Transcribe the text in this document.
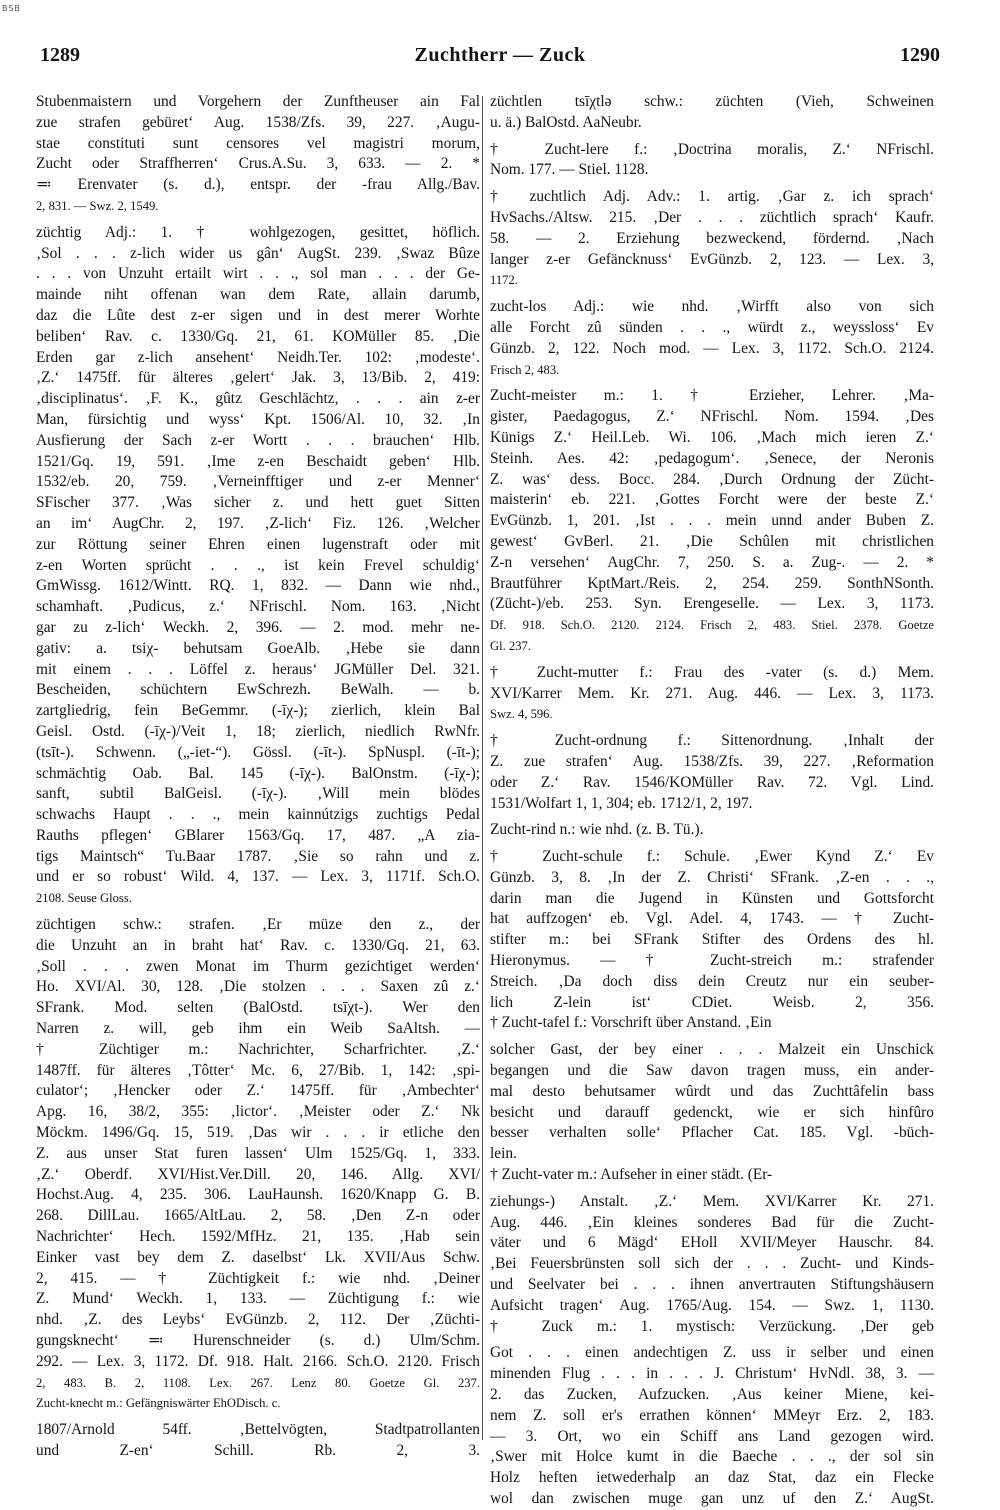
BSB
1289	Zuchtherr — Zuck	1290
Stubenmaistern und Vorgehern der Zunftheuser ain Fal
zue strafen gebüret‘ Aug. 1538/Zfs. 39, 227. ‚Augu-
stae constituti sunt censores vel magistri morum,
Zucht oder Straffherren‘ Crus.A.Su. 3, 633. — 2. *
≕ Erenvater (s. d.), entspr. der -frau Allg./Bav.
2, 831. — Swz. 2, 1549.
züchtig Adj.: 1. † wohlgezogen, gesittet, höflich.
‚Sol . . . z-lich wider us gân‘ AugSt. 239. ‚Swaz Bûze
. . . von Unzuht ertailt wirt . . ., sol man . . . der Ge-
mainde niht offenan wan dem Rate, allain darumb,
daz die Lûte dest z-er sigen und in dest merer Worhte
beliben‘ Rav. c. 1330/Gq. 21, 61. KOMüller 85. ‚Die
Erden gar z-lich ansehent‘ Neidh.Ter. 102: ‚modeste‘.
‚Z.‘ 1475ff. für älteres ‚gelert‘ Jak. 3, 13/Bib. 2, 419:
‚disciplinatus‘. ‚F. K., gûtz Geschlächtz, . . . ain z-er
Man, fürsichtig und wyss‘ Kpt. 1506/Al. 10, 32. ‚In
Ausfierung der Sach z-er Wortt . . . brauchen‘ Hlb.
1521/Gq. 19, 591. ‚Ime z-en Beschaidt geben‘ Hlb.
1532/eb. 20, 759. ‚Verneinfftiger und z-er Menner‘
SFischer 377. ‚Was sicher z. und hett guet Sitten
an im‘ AugChr. 2, 197. ‚Z-lich‘ Fiz. 126. ‚Welcher
zur Röttung seiner Ehren einen lugenstraft oder mit
z-en Worten sprücht . . ., ist kein Frevel schuldig‘
GmWissg. 1612/Wintt. RQ. 1, 832. — Dann wie nhd.,
schamhaft. ‚Pudicus, z.‘ NFrischl. Nom. 163. ‚Nicht
gar zu z-lich‘ Weckh. 2, 396. — 2. mod. mehr ne-
gativ: a. tsiχ- behutsam GoeAlb. ‚Hebe sie dann
mit einem . . . Löffel z. heraus‘ JGMüller Del. 321.
Bescheiden, schüchtern EwSchrezh. BeWalh. — b.
zartgliedrig, fein BeGemmr. (-īχ-); zierlich, klein Bal
Geisl. Ostd. (-īχ-)/Veit 1, 18; zierlich, niedlich RwNfr.
(tsīt-). Schwenn. („-iet-“). Gössl. (-īt-). SpNuspl. (-īt-);
schmächtig Oab. Bal. 145 (-īχ-). BalOnstm. (-īχ-);
sanft, subtil BalGeisl. (-īχ-). ‚Will mein blödes
schwachs Haupt . . ., mein kainnútzigs zuchtigs Pedal
Rauths pflegen‘ GBlarer 1563/Gq. 17, 487. „A zia-
tigs Maintsch“ Tu.Baar 1787. ‚Sie so rahn und z.
und er so robust‘ Wild. 4, 137. — Lex. 3, 1171f. Sch.O.
2108. Seuse Gloss.
züchtigen schw.: strafen. ‚Er müze den z., der
die Unzuht an in braht hat‘ Rav. c. 1330/Gq. 21, 63.
‚Soll . . . zwen Monat im Thurm gezichtiget werden‘
Ho. XVI/Al. 30, 128. ‚Die stolzen . . . Saxen zû z.‘
SFrank. Mod. selten (BalOstd. tsīχt-). Wer den
Narren z. will, geb ihm ein Weib SaAltsh. —
† Züchtiger m.: Nachrichter, Scharfrichter. ‚Z.‘
1487ff. für älteres ‚Tôtter‘ Mc. 6, 27/Bib. 1, 142: ‚spi-
culator‘; ‚Hencker oder Z.‘ 1475ff. für ‚Ambechter‘
Apg. 16, 38/2, 355: ‚lictor‘. ‚Meister oder Z.‘ Nk
Möckm. 1496/Gq. 15, 519. ‚Das wir . . . ir etliche den
Z. aus unser Stat furen lassen‘ Ulm 1525/Gq. 1, 333.
‚Z.‘ Oberdf. XVI/Hist.Ver.Dill. 20, 146. Allg. XVI/
Hochst.Aug. 4, 235. 306. LauHaunsh. 1620/Knapp G. B.
268. DillLau. 1665/AltLau. 2, 58. ‚Den Z-n oder
Nachrichter‘ Hech. 1592/MfHz. 21, 135. ‚Hab sein
Einker vast bey dem Z. daselbst‘ Lk. XVII/Aus Schw.
2, 415. — † Züchtigkeit f.: wie nhd. ‚Deiner
Z. Mund‘ Weckh. 1, 133. — Züchtigung f.: wie
nhd. ‚Z. des Leybs‘ EvGünzb. 2, 112. Der ‚Züchti-
gungsknecht‘ ≕ Hurenschneider (s. d.) Ulm/Schm.
292. — Lex. 3, 1172. Df. 918. Halt. 2166. Sch.O. 2120. Frisch
2, 483. B. 2, 1108. Lex. 267. Lenz 80. Goetze Gl. 237.
Zucht-knecht m.: Gefängniswärter EhODisch. c.
1807/Arnold 54ff. ‚Bettelvögten, Stadtpatrollanten
und Z-en‘ Schill. Rb. 2, 3.
züchtlen tsīχtlə schw.: züchten (Vieh, Schweinen
u. ä.) BalOstd. AaNeubr.
† Zucht-lere f.: ‚Doctrina moralis, Z.‘ NFrischl.
Nom. 177. — Stiel. 1128.
† zuchtlich Adj. Adv.: 1. artig. ‚Gar z. ich sprach‘
HvSachs./Altsw. 215. ‚Der . . . züchtlich sprach‘ Kaufr.
58. — 2. Erziehung bezweckend, fördernd. ‚Nach
langer z-er Gefäncknuss‘ EvGünzb. 2, 123. — Lex. 3,
1172.
zucht-los Adj.: wie nhd. ‚Wirfft also von sich
alle Forcht zû sünden . . ., würdt z., weyssloss‘ Ev
Günzb. 2, 122. Noch mod. — Lex. 3, 1172. Sch.O. 2124.
Frisch 2, 483.
Zucht-meister m.: 1. † Erzieher, Lehrer. ‚Ma-
gister, Paedagogus, Z.‘ NFrischl. Nom. 1594. ‚Des
Künigs Z.‘ Heil.Leb. Wi. 106. ‚Mach mich ieren Z.‘
Steinh. Aes. 42: ‚pedagogum‘. ‚Senece, der Neronis
Z. was‘ dess. Bocc. 284. ‚Durch Ordnung der Zücht-
maisterin‘ eb. 221. ‚Gottes Forcht were der beste Z.‘
EvGünzb. 1, 201. ‚Ist . . . mein unnd ander Buben Z.
gewest‘ GvBerl. 21. ‚Die Schûlen mit christlichen
Z-n versehen‘ AugChr. 7, 250. S. a. Zug-. — 2. *
Brautführer KptMart./Reis. 2, 254. 259. SonthNSonth.
(Zücht-)/eb. 253. Syn. Erengeselle. — Lex. 3, 1173.
Df. 918. Sch.O. 2120. 2124. Frisch 2, 483. Stiel. 2378. Goetze
Gl. 237.
† Zucht-mutter f.: Frau des -vater (s. d.) Mem.
XVI/Karrer Mem. Kr. 271. Aug. 446. — Lex. 3, 1173.
Swz. 4, 596.
† Zucht-ordnung f.: Sittenordnung. ‚Inhalt der
Z. zue strafen‘ Aug. 1538/Zfs. 39, 227. ‚Reformation
oder Z.‘ Rav. 1546/KOMüller Rav. 72. Vgl. Lind.
1531/Wolfart 1, 1, 304; eb. 1712/1, 2, 197.
Zucht-rind n.: wie nhd. (z. B. Tü.).
† Zucht-schule f.: Schule. ‚Ewer Kynd Z.‘ Ev
Günzb. 3, 8. ‚In der Z. Christi‘ SFrank. ‚Z-en . . .,
darin man die Jugend in Künsten und Gottsforcht
hat auffzogen‘ eb. Vgl. Adel. 4, 1743. — † Zucht-
stifter m.: bei SFrank Stifter des Ordens des hl.
Hieronymus. — † Zucht-streich m.: strafender
Streich. ‚Da doch diss dein Creutz nur ein seuber-
lich Z-lein ist‘ CDiet. Weisb. 2, 356.
† Zucht-tafel f.: Vorschrift über Anstand. ‚Ein
solcher Gast, der bey einer . . . Malzeit ein Unschick
begangen und die Saw davon tragen muss, ein ander-
mal desto behutsamer wûrdt und das Zuchttâfelin bass
besicht und darauff gedenckt, wie er sich hinfûro
besser verhalten solle‘ Pflacher Cat. 185. Vgl. -büch-
lein.
† Zucht-vater m.: Aufseher in einer städt. (Er-
ziehungs-) Anstalt. ‚Z.‘ Mem. XVI/Karrer Kr. 271.
Aug. 446. ‚Ein kleines sonderes Bad für die Zucht-
väter und 6 Mägd‘ EHoll XVII/Meyer Hauschr. 84.
‚Bei Feuersbrünsten soll sich der . . . Zucht- und Kinds-
und Seelvater bei . . . ihnen anvertrauten Stiftungshäusern
Aufsicht tragen‘ Aug. 1765/Aug. 154. — Swz. 1, 1130.
† Zuck m.: 1. mystisch: Verzückung. ‚Der geb
Got . . . einen andechtigen Z. uss ir selber und einen
minenden Flug . . . in . . . J. Christum‘ HvNdl. 38, 3. —
2. das Zucken, Aufzucken. ‚Aus keiner Miene, kei-
nem Z. soll er's errathen können‘ MMeyr Erz. 2, 183.
— 3. Ort, wo ein Schiff ans Land gezogen wird.
‚Swer mit Holce kumt in die Baeche . . ., der sol sin
Holz heften ietwederhalp an daz Stat, daz ein Flecke
wol dan zwischen muge gan unz uf den Z.‘ AugSt.
